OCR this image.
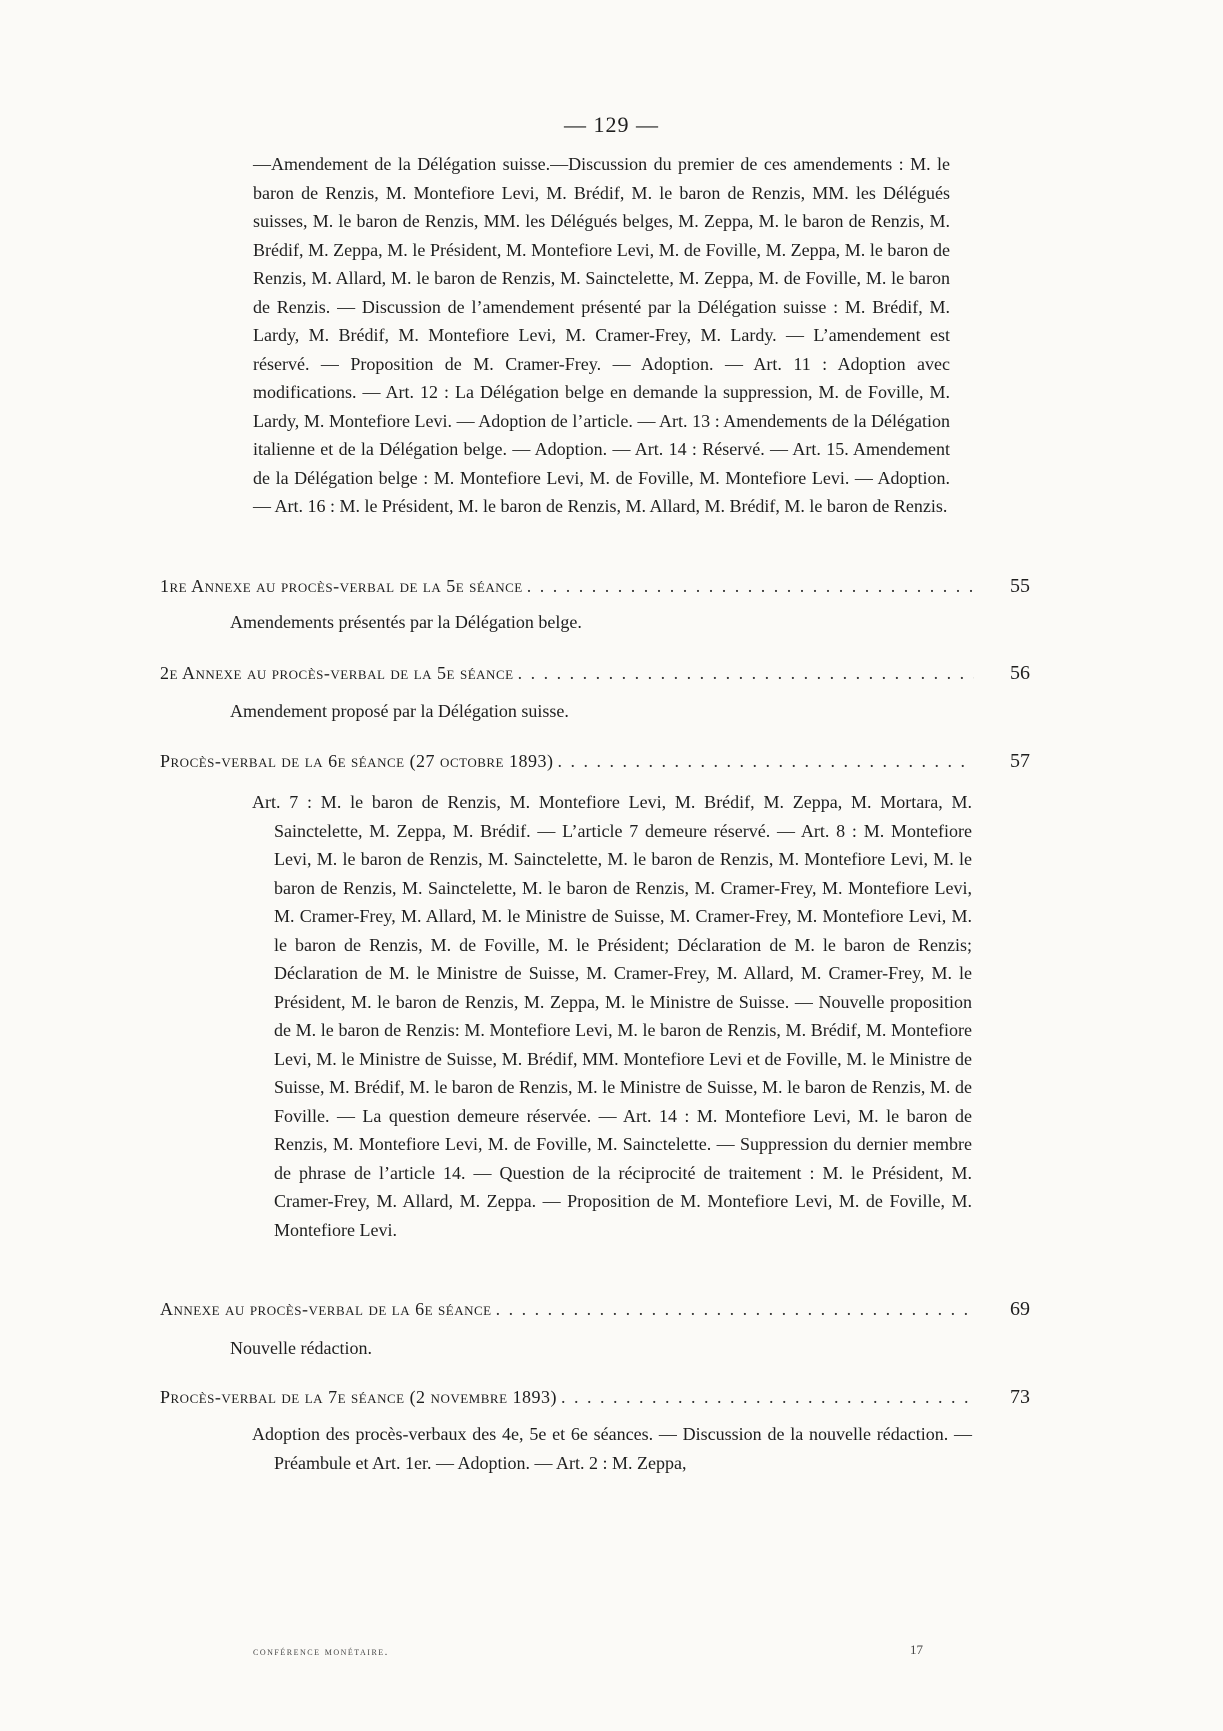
— 129 —
—Amendement de la Délégation suisse.—Discussion du premier de ces amendements : M. le baron de Renzis, M. Montefiore Levi, M. Brédif, M. le baron de Renzis, MM. les Délégués suisses, M. le baron de Renzis, MM. les Délégués belges, M. Zeppa, M. le baron de Renzis, M. Brédif, M. Zeppa, M. le Président, M. Montefiore Levi, M. de Foville, M. Zeppa, M. le baron de Renzis, M. Allard, M. le baron de Renzis, M. Sainctelette, M. Zeppa, M. de Foville, M. le baron de Renzis. — Discussion de l’amendement présenté par la Délégation suisse : M. Brédif, M. Lardy, M. Brédif, M. Montefiore Levi, M. Cramer-Frey, M. Lardy. — L’amendement est réservé. — Proposition de M. Cramer-Frey. — Adoption. — Art. 11 : Adoption avec modifications. — Art. 12 : La Délégation belge en demande la suppression, M. de Foville, M. Lardy, M. Montefiore Levi. — Adoption de l’article. — Art. 13 : Amendements de la Délégation italienne et de la Délégation belge. — Adoption. — Art. 14 : Réservé. — Art. 15. Amendement de la Délégation belge : M. Montefiore Levi, M. de Foville, M. Montefiore Levi. — Adoption. — Art. 16 : M. le Président, M. le baron de Renzis, M. Allard, M. Brédif, M. le baron de Renzis.
1re Annexe au procès-verbal de la 5e séance . . .	55
Amendements présentés par la Délégation belge.
2e Annexe au procès-verbal de la 5e séance . . .	56
Amendement proposé par la Délégation suisse.
Procès-verbal de la 6e séance (27 octobre 1893) . . .	57
Art. 7 : M. le baron de Renzis, M. Montefiore Levi, M. Brédif, M. Zeppa, M. Mortara, M. Sainctelette, M. Zeppa, M. Brédif. — L’article 7 demeure réservé. — Art. 8 : M. Montefiore Levi, M. le baron de Renzis, M. Sainctelette, M. le baron de Renzis, M. Montefiore Levi, M. le baron de Renzis, M. Sainctelette, M. le baron de Renzis, M. Cramer-Frey, M. Montefiore Levi, M. Cramer-Frey, M. Allard, M. le Ministre de Suisse, M. Cramer-Frey, M. Montefiore Levi, M. le baron de Renzis, M. de Foville, M. le Président; Déclaration de M. le baron de Renzis; Déclaration de M. le Ministre de Suisse, M. Cramer-Frey, M. Allard, M. Cramer-Frey, M. le Président, M. le baron de Renzis, M. Zeppa, M. le Ministre de Suisse. — Nouvelle proposition de M. le baron de Renzis: M. Montefiore Levi, M. le baron de Renzis, M. Brédif, M. Montefiore Levi, M. le Ministre de Suisse, M. Brédif, MM. Montefiore Levi et de Foville, M. le Ministre de Suisse, M. Brédif, M. le baron de Renzis, M. le Ministre de Suisse, M. le baron de Renzis, M. de Foville. — La question demeure réservée. — Art. 14 : M. Montefiore Levi, M. le baron de Renzis, M. Montefiore Levi, M. de Foville, M. Sainctelette. — Suppression du dernier membre de phrase de l’article 14. — Question de la réciprocité de traitement : M. le Président, M. Cramer-Frey, M. Allard, M. Zeppa. — Proposition de M. Montefiore Levi, M. de Foville, M. Montefiore Levi.
Annexe au procès-verbal de la 6e séance . . .	69
Nouvelle rédaction.
Procès-verbal de la 7e séance (2 novembre 1893) . . .	73
Adoption des procès-verbaux des 4e, 5e et 6e séances. — Discussion de la nouvelle rédaction. — Préambule et Art. 1er. — Adoption. — Art. 2 : M. Zeppa,
conférence monétaire.	17
